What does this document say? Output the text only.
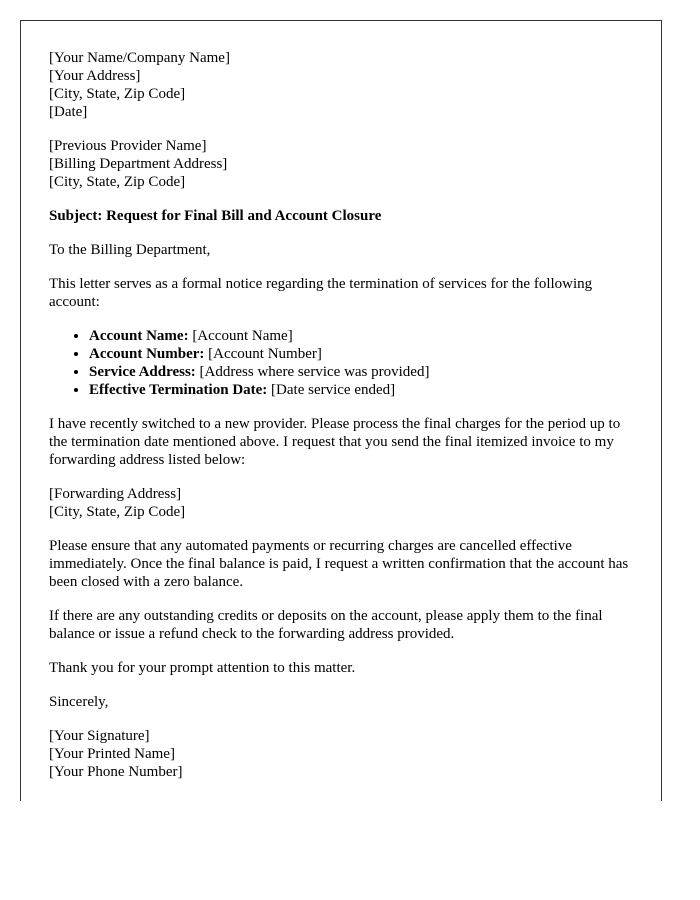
[Your Name/Company Name]
[Your Address]
[City, State, Zip Code]
[Date]

[Previous Provider Name]
[Billing Department Address]
[City, State, Zip Code]

Subject: Request for Final Bill and Account Closure

To the Billing Department,

This letter serves as a formal notice regarding the termination of services for the following account:

• Account Name: [Account Name]
• Account Number: [Account Number]
• Service Address: [Address where service was provided]
• Effective Termination Date: [Date service ended]

I have recently switched to a new provider. Please process the final charges for the period up to the termination date mentioned above. I request that you send the final itemized invoice to my forwarding address listed below:

[Forwarding Address]
[City, State, Zip Code]

Please ensure that any automated payments or recurring charges are cancelled effective immediately. Once the final balance is paid, I request a written confirmation that the account has been closed with a zero balance.

If there are any outstanding credits or deposits on the account, please apply them to the final balance or issue a refund check to the forwarding address provided.

Thank you for your prompt attention to this matter.

Sincerely,

[Your Signature]
[Your Printed Name]
[Your Phone Number]
